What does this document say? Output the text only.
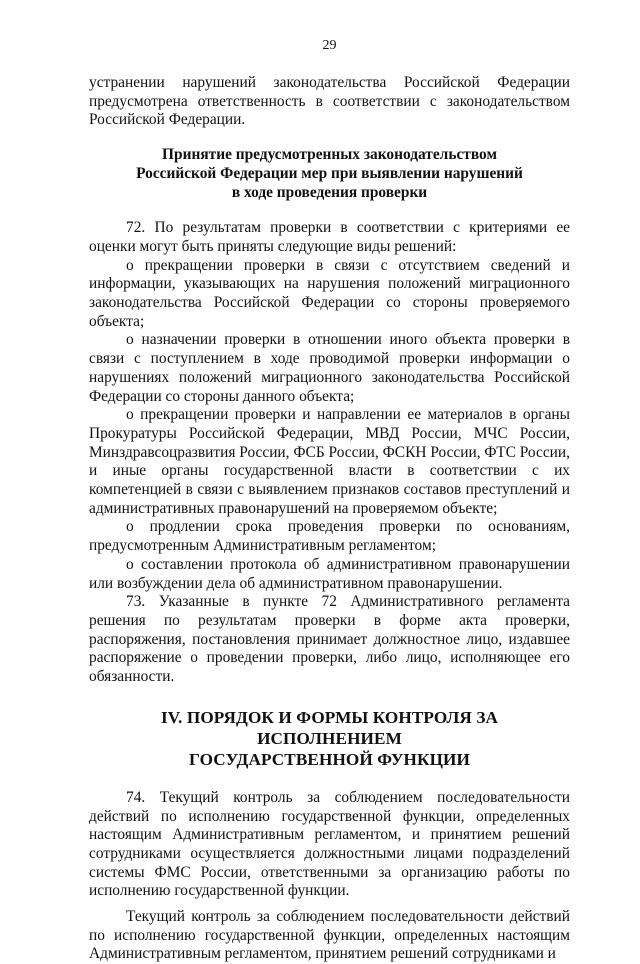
29

устранении нарушений законодательства Российской Федерации предусмотрена ответственность в соответствии с законодательством Российской Федерации.

Принятие предусмотренных законодательством
Российской Федерации мер при выявлении нарушений
в ходе проведения проверки

72. По результатам проверки в соответствии с критериями ее оценки могут быть приняты следующие виды решений:

о прекращении проверки в связи с отсутствием сведений и информации, указывающих на нарушения положений миграционного законодательства Российской Федерации со стороны проверяемого объекта;

о назначении проверки в отношении иного объекта проверки в связи с поступлением в ходе проводимой проверки информации о нарушениях положений миграционного законодательства Российской Федерации со стороны данного объекта;

о прекращении проверки и направлении ее материалов в органы Прокуратуры Российской Федерации, МВД России, МЧС России, Минздравсоцразвития России, ФСБ России, ФСКН России, ФТС России, и иные органы государственной власти в соответствии с их компетенцией в связи с выявлением признаков составов преступлений и административных правонарушений на проверяемом объекте;

о продлении срока проведения проверки по основаниям, предусмотренным Административным регламентом;

о составлении протокола об административном правонарушении или возбуждении дела об административном правонарушении.

73. Указанные в пункте 72 Административного регламента решения по результатам проверки в форме акта проверки, распоряжения, постановления принимает должностное лицо, издавшее распоряжение о проведении проверки, либо лицо, исполняющее его обязанности.

IV. ПОРЯДОК И ФОРМЫ КОНТРОЛЯ ЗА ИСПОЛНЕНИЕМ
ГОСУДАРСТВЕННОЙ ФУНКЦИИ

74. Текущий контроль за соблюдением последовательности действий по исполнению государственной функции, определенных настоящим Административным регламентом, и принятием решений сотрудниками осуществляется должностными лицами подразделений системы ФМС России, ответственными за организацию работы по исполнению государственной функции.

Текущий контроль за соблюдением последовательности действий по исполнению государственной функции, определенных настоящим Административным регламентом, принятием решений сотрудниками и
